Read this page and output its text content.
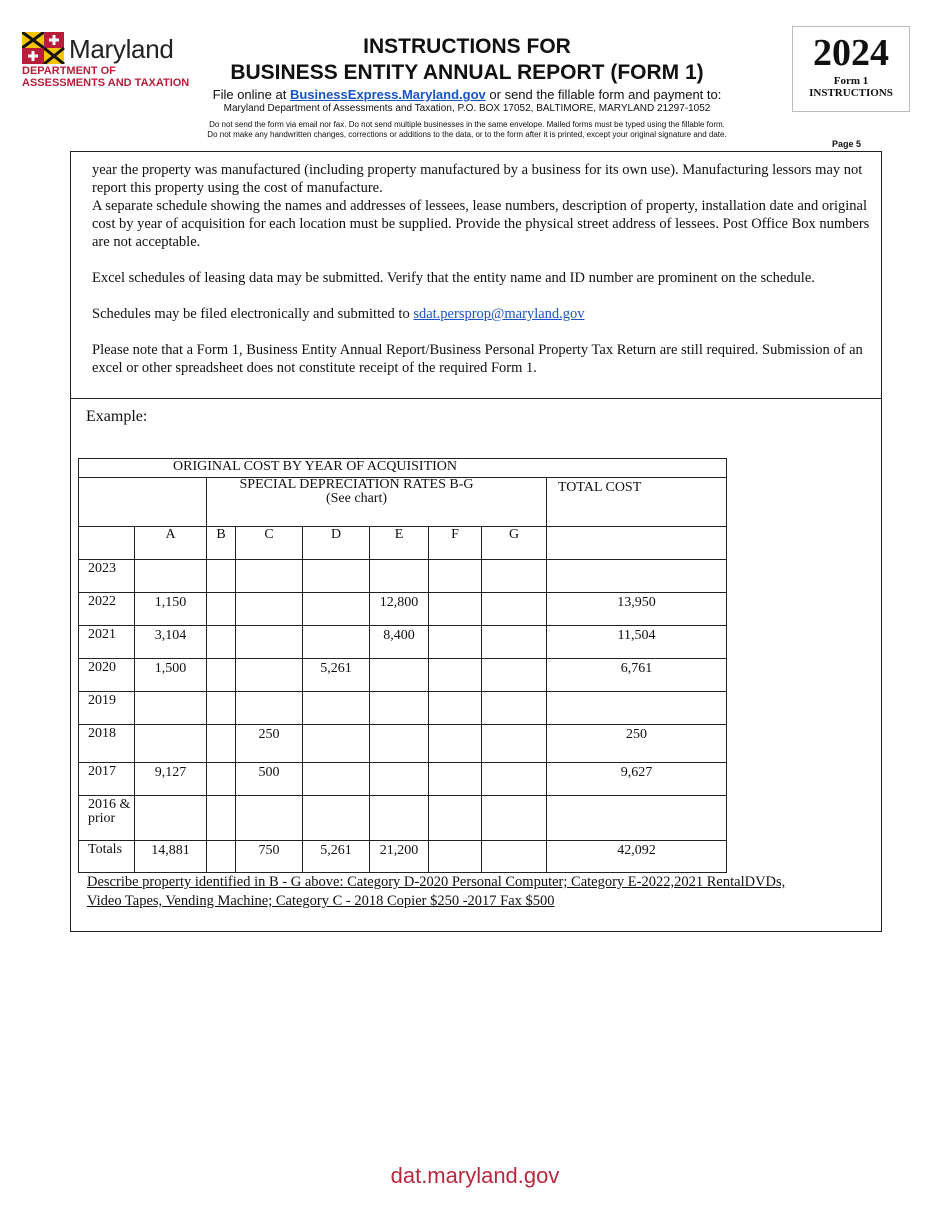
Maryland
DEPARTMENT OF
ASSESSMENTS AND TAXATION
INSTRUCTIONS FOR
BUSINESS ENTITY ANNUAL REPORT (FORM 1)
File online at BusinessExpress.Maryland.gov or send the fillable form and payment to:
Maryland Department of Assessments and Taxation, P.O. BOX 17052, BALTIMORE, MARYLAND 21297-1052
Do not send the form via email nor fax. Do not send multiple businesses in the same envelope. Mailed forms must be typed using the fillable form.
Do not make any handwritten changes, corrections or additions to the data, or to the form after it is printed, except your original signature and date.
2024
Form 1
INSTRUCTIONS
Page 5
year the property was manufactured (including property manufactured by a business for its own use). Manufacturing lessors may not report this property using the cost of manufacture.
A separate schedule showing the names and addresses of lessees, lease numbers, description of property, installation date and original cost by year of acquisition for each location must be supplied. Provide the physical street address of lessees. Post Office Box numbers are not acceptable.
Excel schedules of leasing data may be submitted. Verify that the entity name and ID number are prominent on the schedule.
Schedules may be filed electronically and submitted to sdat.persprop@maryland.gov
Please note that a Form 1, Business Entity Annual Report/Business Personal Property Tax Return are still required. Submission of an excel or other spreadsheet does not constitute receipt of the required Form 1.
Example:
ORIGINAL COST BY YEAR OF ACQUISITION								
		SPECIAL DEPRECIATION RATES B-G (See chart)						TOTAL COST
	A	B	C	D	E	F	G	
2023								
2022	1,150				12,800			13,950
2021	3,104				8,400			11,504
2020	1,500			5,261				6,761
2019								
2018			250					250
2017	9,127		500					9,627
2016 & prior								
Totals	14,881		750	5,261	21,200			42,092
Describe property identified in B - G above: Category D-2020 Personal Computer; Category E-2022,2021 RentalDVDs, Video Tapes, Vending Machine; Category C - 2018 Copier $250 -2017 Fax $500
dat.maryland.gov
